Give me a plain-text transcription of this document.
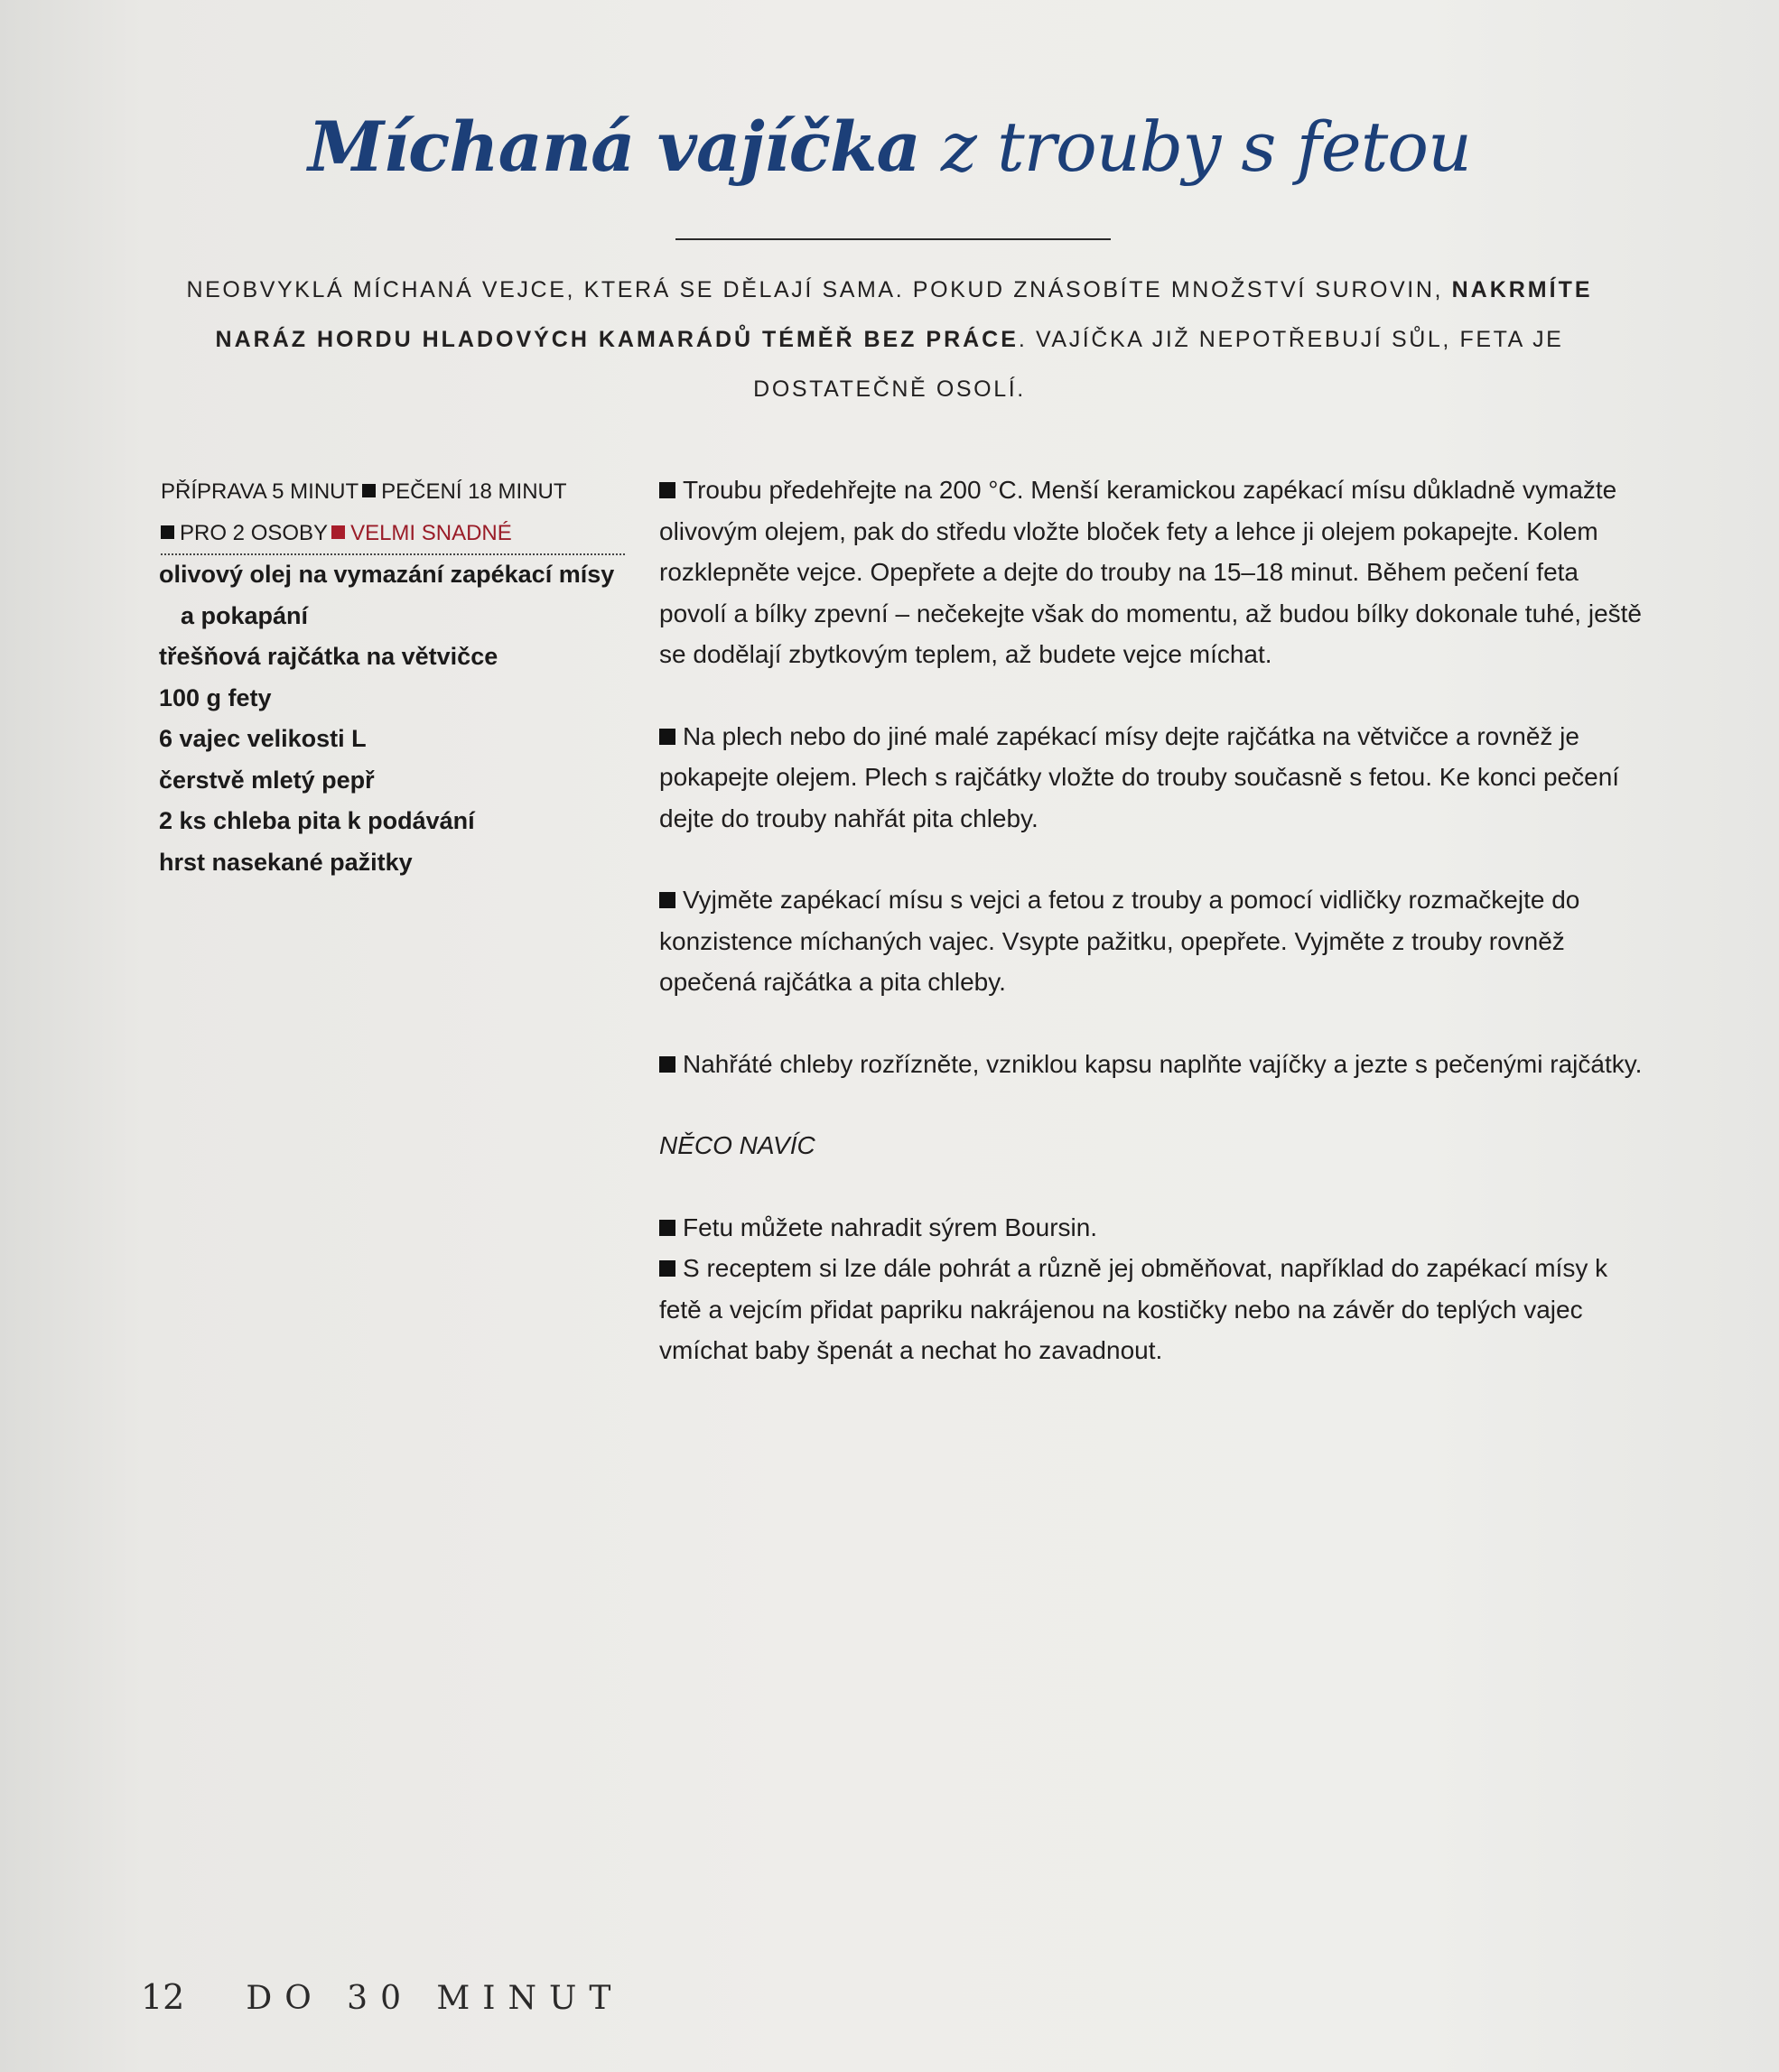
Míchaná vajíčka z trouby s fetou

NEOBVYKLÁ MÍCHANÁ VEJCE, KTERÁ SE DĚLAJÍ SAMA. POKUD ZNÁSOBÍTE MNOŽSTVÍ SUROVIN, NAKRMÍTE NARÁZ HORDU HLADOVÝCH KAMARÁDŮ TÉMĚŘ BEZ PRÁCE. VAJÍČKA JIŽ NEPOTŘEBUJÍ SŮL, FETA JE DOSTATEČNĚ OSOLÍ.

PŘÍPRAVA 5 MINUT PEČENÍ 18 MINUT
PRO 2 OSOBY VELMI SNADNÉ
olivový olej na vymazání zapékací mísy a pokapání
třešňová rajčátka na větvičce
100 g fety
6 vajec velikosti L
čerstvě mletý pepř
2 ks chleba pita k podávání
hrst nasekané pažitky

Troubu předehřejte na 200 °C. Menší keramickou zapékací mísu důkladně vymažte olivovým olejem, pak do středu vložte bloček fety a lehce ji olejem pokapejte. Kolem rozklepněte vejce. Opepřete a dejte do trouby na 15–18 minut. Během pečení feta povolí a bílky zpevní – nečekejte však do momentu, až budou bílky dokonale tuhé, ještě se dodělají zbytkovým teplem, až budete vejce míchat.

Na plech nebo do jiné malé zapékací mísy dejte rajčátka na větvičce a rovněž je pokapejte olejem. Plech s rajčátky vložte do trouby současně s fetou. Ke konci pečení dejte do trouby nahřát pita chleby.

Vyjměte zapékací mísu s vejci a fetou z trouby a pomocí vidličky rozmačkejte do konzistence míchaných vajec. Vsypte pažitku, opepřete. Vyjměte z trouby rovněž opečená rajčátka a pita chleby.

Nahřáté chleby rozřízněte, vzniklou kapsu naplňte vajíčky a jezte s pečenými rajčátky.

NĚCO NAVÍC

Fetu můžete nahradit sýrem Boursin.

S receptem si lze dále pohrát a různě jej obměňovat, například do zapékací mísy k fetě a vejcím přidat papriku nakrájenou na kostičky nebo na závěr do teplých vajec vmíchat baby špenát a nechat ho zavadnout.

12 DO 30 MINUT
